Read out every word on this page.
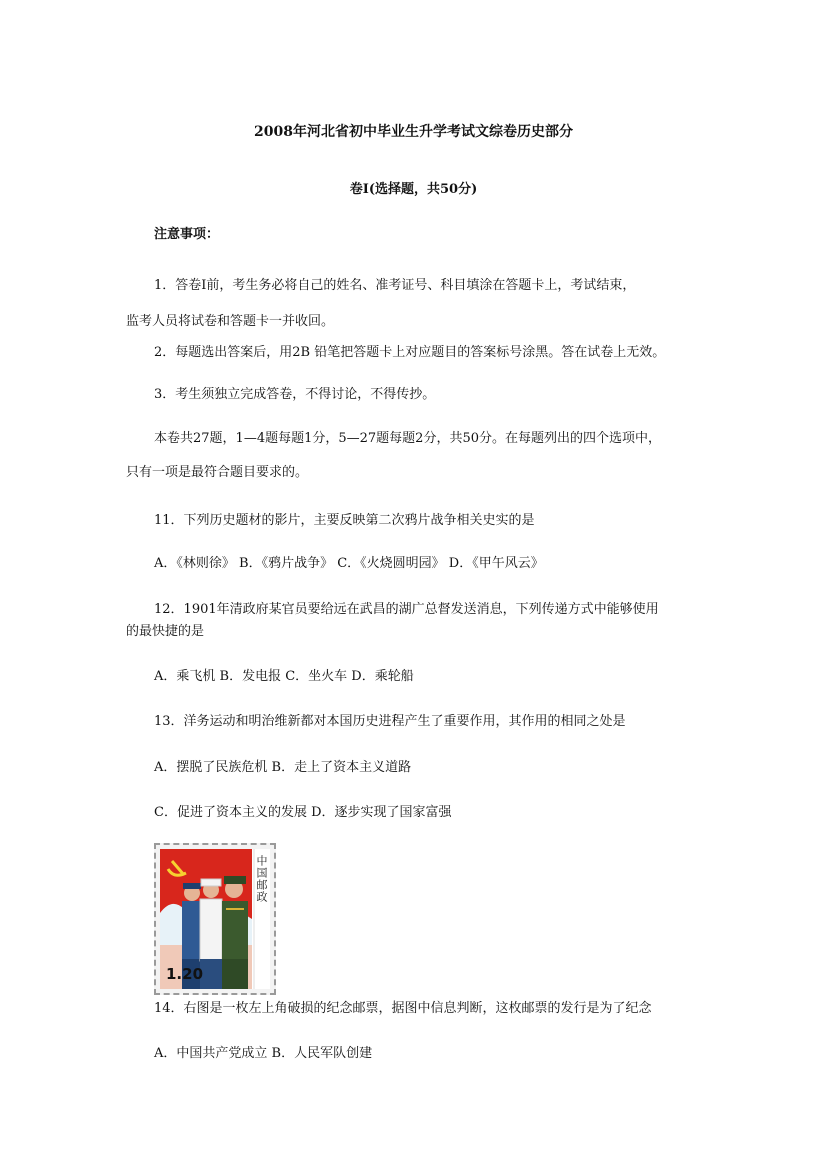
2008年河北省初中毕业生升学考试文综卷历史部分
卷Ⅰ(选择题，共50分)
注意事项：
1．答卷Ⅰ前，考生务必将自己的姓名、准考证号、科目填涂在答题卡上，考试结束，
监考人员将试卷和答题卡一并收回。
2．每题选出答案后，用2B 铅笔把答题卡上对应题目的答案标号涂黑。答在试卷上无效。
3．考生须独立完成答卷，不得讨论，不得传抄。
本卷共27题，1—4题每题1分，5—27题每题2分，共50分。在每题列出的四个选项中，
只有一项是最符合题目要求的。
11．下列历史题材的影片，主要反映第二次鸦片战争相关史实的是
A．《林则徐》 B．《鸦片战争》 C．《火烧圆明园》 D．《甲午风云》
12．1901年清政府某官员要给远在武昌的湖广总督发送消息，下列传递方式中能够使用
的最快捷的是
A．乘飞机 B．发电报 C．坐火车 D．乘轮船
13．洋务运动和明治维新都对本国历史进程产生了重要作用，其作用的相同之处是
A．摆脱了民族危机 B．走上了资本主义道路
C．促进了资本主义的发展 D．逐步实现了国家富强
中国邮政
1.20
14．右图是一枚左上角破损的纪念邮票，据图中信息判断，这枚邮票的发行是为了纪念
A．中国共产党成立 B．人民军队创建
